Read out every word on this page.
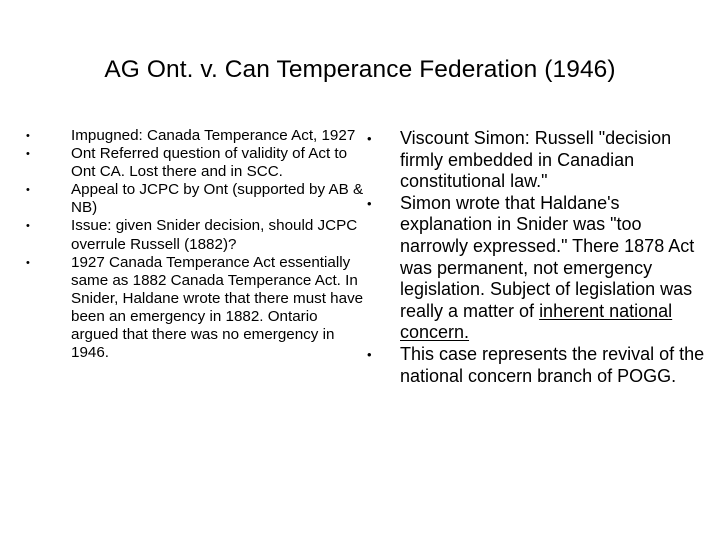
AG Ont. v. Can Temperance Federation (1946)
•	Impugned: Canada Temperance Act, 1927
•	Ont Referred question of validity of Act to Ont CA. Lost there and in SCC.
•	Appeal to JCPC by Ont (supported by AB & NB)
•	Issue: given Snider decision, should JCPC overrule Russell (1882)?
•	1927 Canada Temperance Act essentially same as 1882 Canada Temperance Act. In Snider, Haldane wrote that there must have been an emergency in 1882. Ontario argued that there was no emergency in 1946.
• Viscount Simon: Russell "decision firmly embedded in Canadian constitutional law."
• Simon wrote that Haldane's explanation in Snider was "too narrowly expressed." There 1878 Act was permanent, not emergency legislation. Subject of legislation was really a matter of inherent national concern.
• This case represents the revival of the national concern branch of POGG.
